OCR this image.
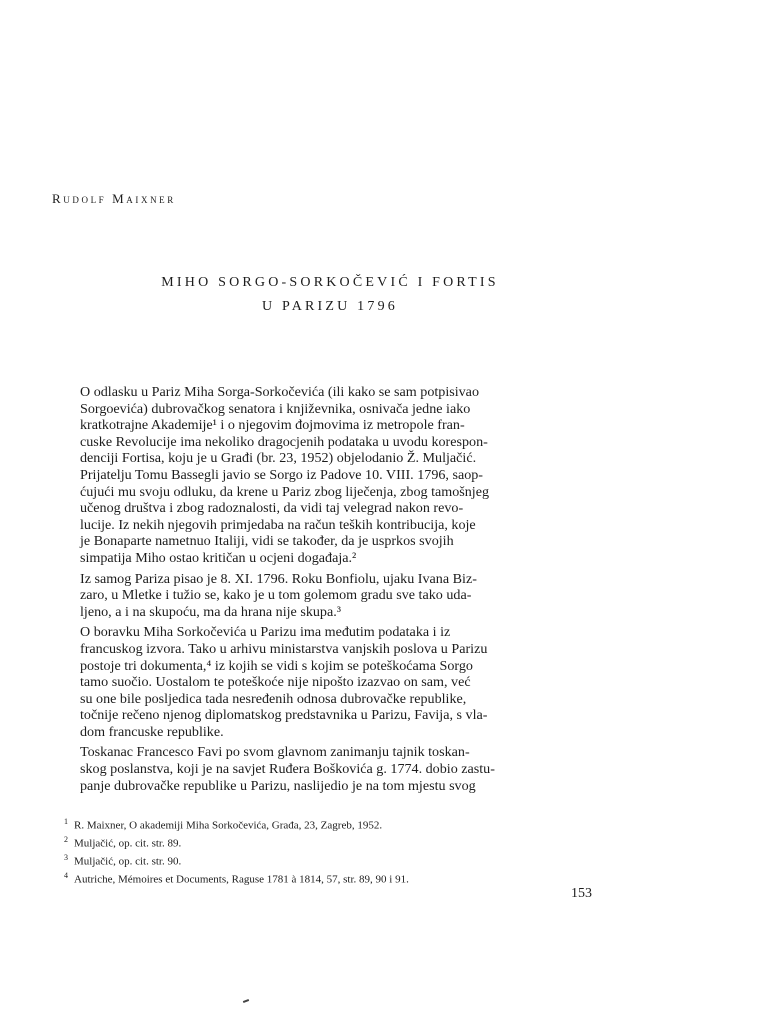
Rudolf Maixner
MIHO SORGO-SORKOČEVIĆ I FORTIS
U PARIZU 1796

O odlasku u Pariz Miha Sorga-Sorkočevića (ili kako se sam potpisivao
Sorgoevića) dubrovačkog senatora i književnika, osnivača jedne iako
kratkotrajne Akademije¹ i o njegovim đojmovima iz metropole fran-
cuske Revolucije ima nekoliko dragocjenih podataka u uvodu korespon-
denciji Fortisa, koju je u Građi (br. 23, 1952) objelodanio Ž. Muljačić.
Prijatelju Tomu Bassegli javio se Sorgo iz Padove 10. VIII. 1796, saop-
ćujući mu svoju odluku, da krene u Pariz zbog liječenja, zbog tamošnjeg
učenog društva i zbog radoznalosti, da vidi taj velegrad nakon revo-
lucije. Iz nekih njegovih primjedaba na račun teških kontribucija, koje
je Bonaparte nametnuo Italiji, vidi se također, da je usprkos svojih
simpatija Miho ostao kritičan u ocjeni događaja.²

Iz samog Pariza pisao je 8. XI. 1796. Roku Bonfiolu, ujaku Ivana Biz-
zaro, u Mletke i tužio se, kako je u tom golemom gradu sve tako uda-
ljeno, a i na skupoću, ma da hrana nije skupa.³

O boravku Miha Sorkočevića u Parizu ima međutim podataka i iz
francuskog izvora. Tako u arhivu ministarstva vanjskih poslova u Parizu
postoje tri dokumenta,⁴ iz kojih se vidi s kojim se poteškoćama Sorgo
tamo suočio. Uostalom te poteškoće nije nipošto izazvao on sam, već
su one bile posljedica tada nesređenih odnosa dubrovačke republike,
točnije rečeno njenog diplomatskog predstavnika u Parizu, Favija, s vla-
dom francuske republike.

Toskanac Francesco Favi po svom glavnom zanimanju tajnik toskan-
skog poslanstva, koji je na savjet Ruđera Boškovića g. 1774. dobio zastu-
panje dubrovačke republike u Parizu, naslijedio je na tom mjestu svog

$^1$ R. Maixner, O akademiji Miha Sorkočevića, Građa, 23, Zagreb, 1952.
$^2$ Muljačić, op. cit. str. 89.
$^3$ Muljačić, op. cit. str. 90.
$^4$ Autriche, Mémoires et Documents, Raguse 1781 à 1814, 57, str. 89, 90 i 91.
153
